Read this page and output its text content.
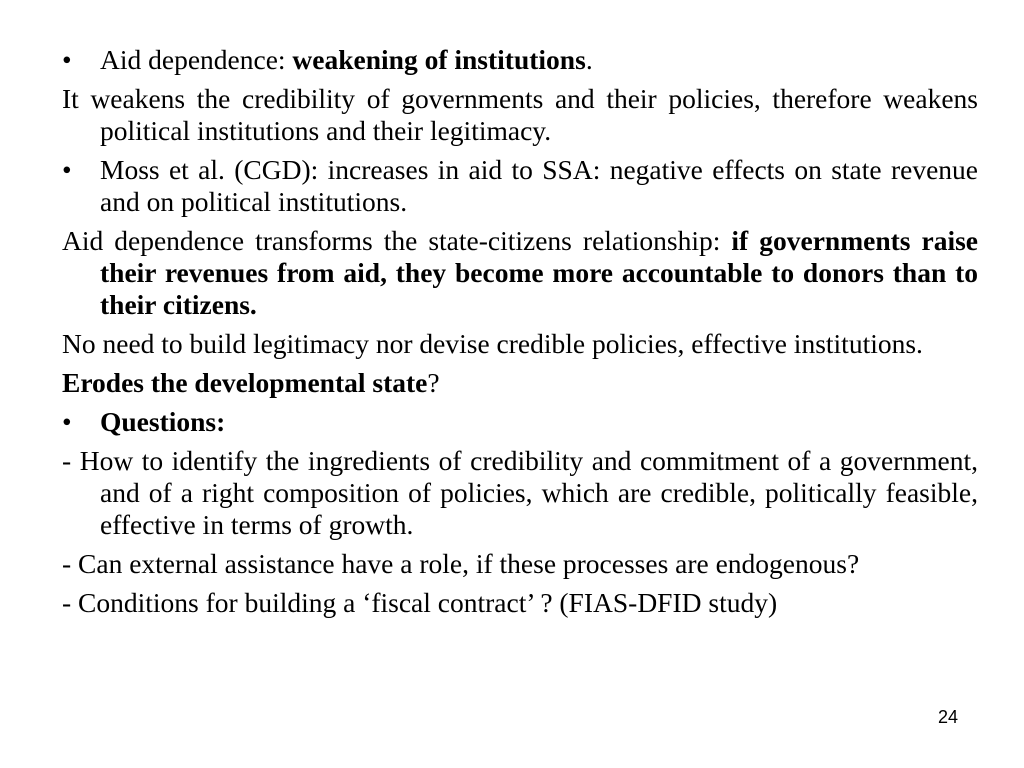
• Aid dependence: weakening of institutions.

It weakens the credibility of governments and their policies, therefore weakens political institutions and their legitimacy.

• Moss et al. (CGD): increases in aid to SSA: negative effects on state revenue and on political institutions.

Aid dependence transforms the state-citizens relationship: if governments raise their revenues from aid, they become more accountable to donors than to their citizens.

No need to build legitimacy nor devise credible policies, effective institutions.

Erodes the developmental state?

• Questions:

- How to identify the ingredients of credibility and commitment of a government, and of a right composition of policies, which are credible, politically feasible, effective in terms of growth.

- Can external assistance have a role, if these processes are endogenous?

- Conditions for building a ‘fiscal contract’ ? (FIAS-DFID study)

24
